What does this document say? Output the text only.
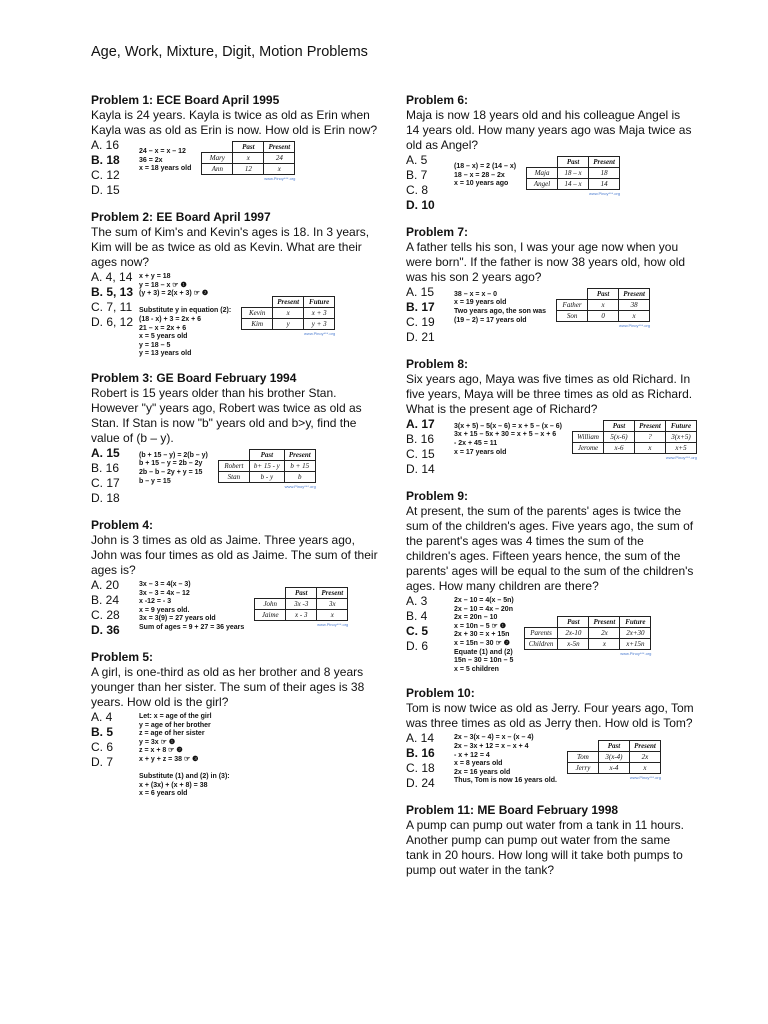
Age, Work, Mixture, Digit, Motion Problems
Problem 1: ECE Board April 1995
Kayla is 24 years. Kayla is twice as old as Erin when Kayla was as old as Erin is now. How old is Erin now?
A. 16
B. 18
C. 12
D. 15
24 – x = x – 12
36 = 2x
x = 18 years old
	Past	Present
Mary	x	24
Ann	12	x
www.Pinoy***.org
Problem 2: EE Board April 1997
The sum of Kim's and Kevin's ages is 18. In 3 years, Kim will be as twice as old as Kevin. What are their ages now?
A. 4, 14
B. 5, 13
C. 7, 11
D. 6, 12
x + y = 18
y = 18 – x ☞ ❶
(y + 3) = 2(x + 3) ☞ ❷

Substitute y in equation (2):
(18 - x) + 3 = 2x + 6
21 – x = 2x + 6
x = 5 years old
y = 18 – 5
y = 13 years old
	Present	Future
Kevin	x	x + 3
Kim	y	y + 3
www.Pinoy***.org
Problem 3: GE Board February 1994
Robert is 15 years older than his brother Stan. However "y" years ago, Robert was twice as old as Stan. If Stan is now "b" years old and b>y, find the value of (b – y).
A. 15
B. 16
C. 17
D. 18
(b + 15 – y) = 2(b – y)
b + 15 – y = 2b – 2y
2b – b – 2y + y = 15
b – y = 15
	Past	Present
Robert	b+ 15 - y	b + 15
Stan	b - y	b
www.Pinoy***.org
Problem 4:
John is 3 times as old as Jaime. Three years ago, John was four times as old as Jaime. The sum of their ages is?
A. 20
B. 24
C. 28
D. 36
3x – 3 = 4(x – 3)
3x – 3 = 4x – 12
x -12 = - 3
x = 9 years old.
3x = 3(9) = 27 years old
Sum of ages = 9 + 27 = 36 years
	Past	Present
John	3x -3	3x
Jaime	x - 3	x
www.Pinoy***.org
Problem 5:
A girl, is one-third as old as her brother and 8 years younger than her sister. The sum of their ages is 38 years. How old is the girl?
A. 4
B. 5
C. 6
D. 7
Let: x = age of the girl
y = age of her brother
z = age of her sister
y = 3x ☞ ❶
z = x + 8 ☞ ❷
x + y + z = 38 ☞ ❸

Substitute (1) and (2) in (3):
x + (3x) + (x + 8) = 38
x = 6 years old
Problem 6:
Maja is now 18 years old and his colleague Angel is 14 years old. How many years ago was Maja twice as old as Angel?
A. 5
B. 7
C. 8
D. 10
(18 – x) = 2 (14 – x)
18 – x = 28 – 2x
x = 10 years ago
	Past	Present
Maja	18 – x	18
Angel	14 – x	14
www.Pinoy***.org
Problem 7:
A father tells his son, I was your age now when you were born". If the father is now 38 years old, how old was his son 2 years ago?
A. 15
B. 17
C. 19
D. 21
38 – x = x – 0
x = 19 years old
Two years ago, the son was
(19 – 2) = 17 years old
	Past	Present
Father	x	38
Son	0	x
www.Pinoy***.org
Problem 8:
Six years ago, Maya was five times as old Richard. In five years, Maya will be three times as old as Richard. What is the present age of Richard?
A. 17
B. 16
C. 15
D. 14
3(x + 5) – 5(x – 6) = x + 5 – (x – 6)
3x + 15 – 5x + 30 = x + 5 – x + 6
- 2x + 45 = 11
x = 17 years old
	Past	Present	Future
William	5(x-6)	?	3(x+5)
Jerome	x-6	x	x+5
www.Pinoy***.org
Problem 9:
At present, the sum of the parents' ages is twice the sum of the children's ages. Five years ago, the sum of the parent's ages was 4 times the sum of the children's ages. Fifteen years hence, the sum of the parents' ages will be equal to the sum of the children's ages. How many children are there?
A. 3
B. 4
C. 5
D. 6
2x – 10 = 4(x – 5n)
2x – 10 = 4x – 20n
2x = 20n – 10
x = 10n – 5 ☞ ❶
2x + 30 = x + 15n
x = 15n – 30 ☞ ❷
Equate (1) and (2)
15n – 30 = 10n – 5
x = 5 children
	Past	Present	Future
Parents	2x-10	2x	2x+30
Children	x-5n	x	x+15n
www.Pinoy***.org
Problem 10:
Tom is now twice as old as Jerry. Four years ago, Tom was three times as old as Jerry then. How old is Tom?
A. 14
B. 16
C. 18
D. 24
2x – 3(x – 4) = x – (x – 4)
2x – 3x + 12 = x – x + 4
- x + 12 = 4
x = 8 years old
2x = 16 years old
Thus, Tom is now 16 years old.
	Past	Present
Tom	3(x-4)	2x
Jerry	x-4	x
www.Pinoy***.org
Problem 11: ME Board February 1998
A pump can pump out water from a tank in 11 hours. Another pump can pump out water from the same tank in 20 hours. How long will it take both pumps to pump out water in the tank?
